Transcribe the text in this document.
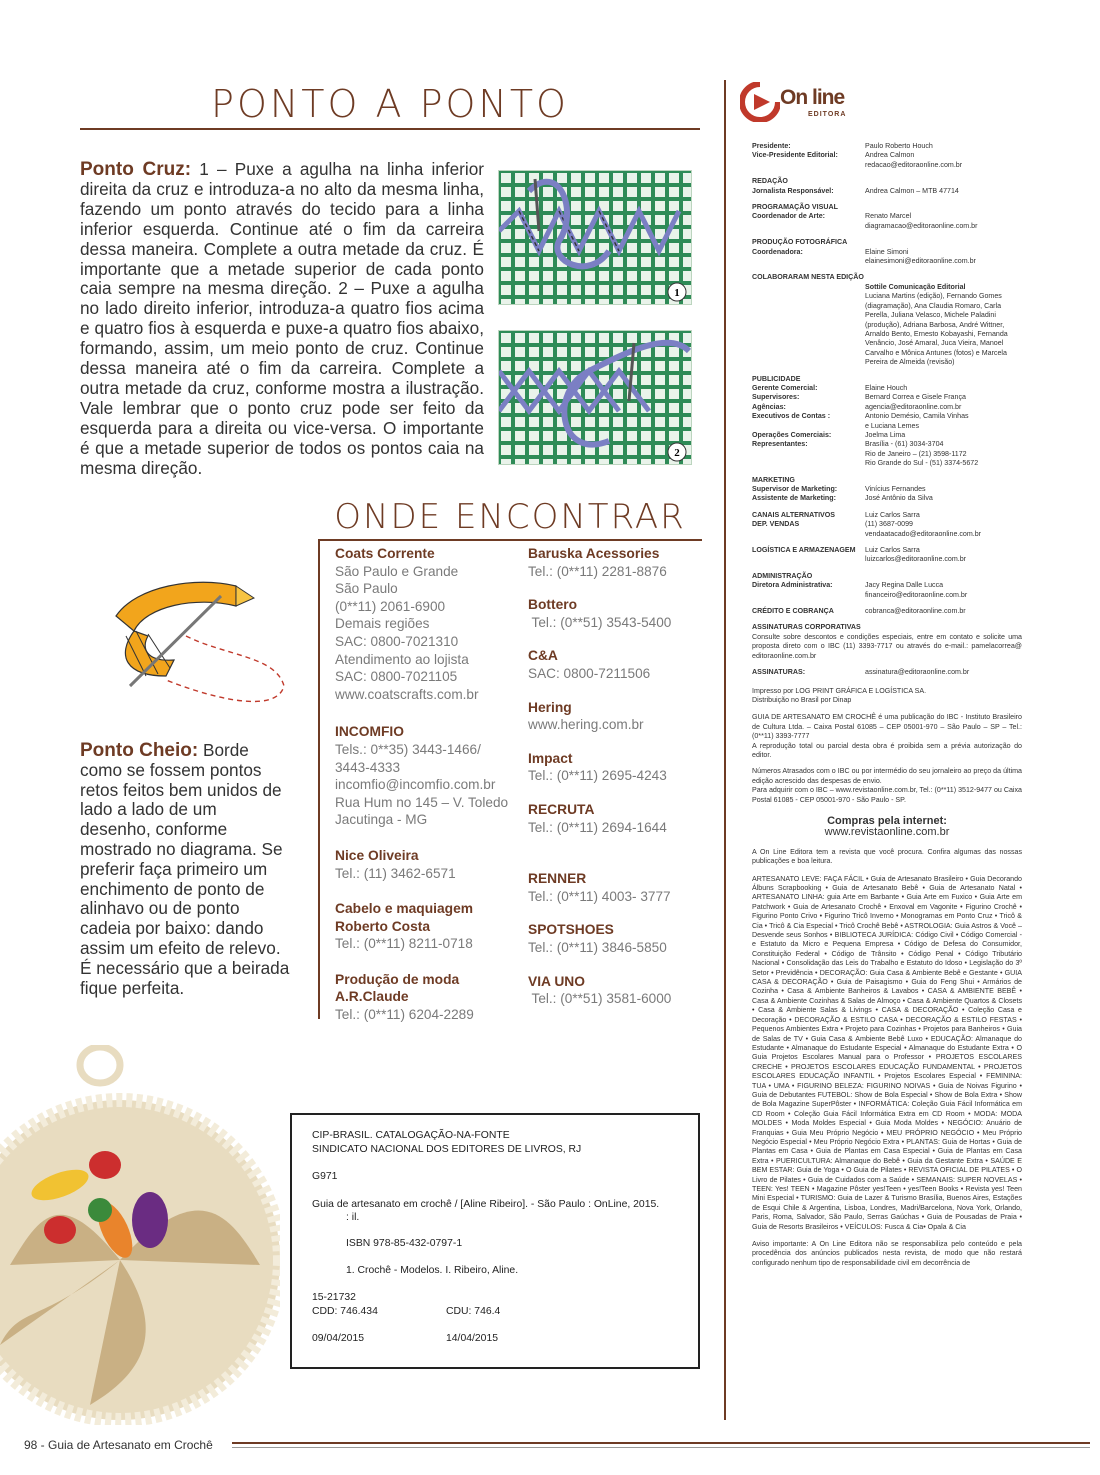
PONTO A PONTO
Ponto Cruz: 1 – Puxe a agulha na linha inferior direita da cruz e introduza-a no alto da mesma linha, fazendo um ponto através do tecido para a linha inferior esquerda. Continue até o fim da carreira dessa maneira. Complete a outra metade da cruz. É importante que a metade superior de cada ponto caia sempre na mesma direção. 2 – Puxe a agulha no lado direito inferior, introduza-a quatro fios acima e quatro fios à esquerda e puxe-a quatro fios abaixo, formando, assim, um meio ponto de cruz. Continue dessa maneira até o fim da carreira. Complete a outra metade da cruz, conforme mostra a ilustração. Vale lembrar que o ponto cruz pode ser feito da esquerda para a direita ou vice-versa. O importante é que a metade superior de todos os pontos caia na mesma direção.
1
2
ONDE ENCONTRAR
Coats Corrente
São Paulo e Grande
São Paulo
(0**11) 2061-6900
Demais regiões
SAC: 0800-7021310
Atendimento ao lojista
SAC: 0800-7021105
www.coatscrafts.com.br
INCOMFIO
Tels.: 0**35) 3443-1466/
3443-4333
incomfio@incomfio.com.br
Rua Hum no 145 – V. Toledo
Jacutinga - MG
Nice Oliveira
Tel.: (11) 3462-6571
Cabelo e maquiagem
Roberto Costa
Tel.: (0**11) 8211-0718
Produção de moda
A.R.Claude
Tel.: (0**11) 6204-2289
Baruska Acessories
Tel.: (0**11) 2281-8876
Bottero
Tel.: (0**51) 3543-5400
C&A
SAC: 0800-7211506
Hering
www.hering.com.br
Impact
Tel.: (0**11) 2695-4243
RECRUTA
Tel.: (0**11) 2694-1644
RENNER
Tel.: (0**11) 4003- 3777
SPOTSHOES
Tel.: (0**11) 3846-5850
VIA UNO
Tel.: (0**51) 3581-6000
Ponto Cheio: Borde como se fossem pontos retos feitos bem unidos de lado a lado de um desenho, conforme mostrado no diagrama. Se preferir faça primeiro um enchimento de ponto de alinhavo ou de ponto cadeia por baixo: dando assim um efeito de relevo. É necessário que a beirada fique perfeita.
CIP-BRASIL. CATALOGAÇÃO-NA-FONTE
SINDICATO NACIONAL DOS EDITORES DE LIVROS, RJ
G971
Guia de artesanato em crochê / [Aline Ribeiro]. - São Paulo : OnLine, 2015.
: il.
ISBN 978-85-432-0797-1
1. Crochê - Modelos. I. Ribeiro, Aline.
15-21732
CDD: 746.434	CDU: 746.4
09/04/2015	14/04/2015
On line
EDITORA
Presidente:	Paulo Roberto Houch
Vice-Presidente Editorial:	Andrea Calmon
redacao@editoraonline.com.br
REDAÇÃO
Jornalista Responsável:	Andrea Calmon – MTB 47714
PROGRAMAÇÃO VISUAL
Coordenador de Arte:	Renato Marcel
diagramacao@editoraonline.com.br
PRODUÇÃO FOTOGRÁFICA
Coordenadora:	Elaine Simoni
elainesimoni@editoraonline.com.br
COLABORARAM NESTA EDIÇÃO
Sottile Comunicação Editorial
Luciana Martins (edição), Fernando Gomes (diagramação), Ana Claudia Romaro, Carla Perella, Juliana Velasco, Michele Paladini (produção), Adriana Barbosa, André Wittner, Arnaldo Bento, Ernesto Kobayashi, Fernanda Venâncio, José Amaral, Juca Vieira, Manoel Carvalho e Mônica Antunes (fotos) e Marcela Pereira de Almeida (revisão)
PUBLICIDADE
Gerente Comercial:	Elaine Houch
Supervisores:	Bernard Correa e Gisele França
Agências:	agencia@editoraonline.com.br
Executivos de Contas :	Antonio Demésio, Camila Vinhas
e Luciana Lemes
Operações Comerciais:	Joelma Lima
Representantes:	Brasília - (61) 3034-3704
Rio de Janeiro – (21) 3598-1172
Rio Grande do Sul - (51) 3374-5672
MARKETING
Supervisor de Marketing:	Vinícius Fernandes
Assistente de Marketing:	José Antônio da Silva
CANAIS ALTERNATIVOS	Luiz Carlos Sarra
DEP. VENDAS	(11) 3687-0099
vendaatacado@editoraonline.com.br
LOGÍSTICA E ARMAZENAGEM	Luiz Carlos Sarra
luizcarlos@editoraonline.com.br
ADMINISTRAÇÃO
Diretora Administrativa:	Jacy Regina Dalle Lucca
financeiro@editoraonline.com.br
CRÉDITO E COBRANÇA	cobranca@editoraonline.com.br
ASSINATURAS CORPORATIVAS
Consulte sobre descontos e condições especiais, entre em contato e solicite uma proposta direto com o IBC (11) 3393-7717 ou através do e-mail.: pamelacorrea@ editoraonline.com.br
ASSINATURAS:	assinatura@editoraonline.com.br
Impresso por LOG PRINT GRÁFICA E LOGÍSTICA SA.
Distribuição no Brasil por Dinap
GUIA DE ARTESANATO EM CROCHÊ é uma publicação do IBC - Instituto Brasileiro de Cultura Ltda. – Caixa Postal 61085 – CEP 05001-970 – São Paulo – SP – Tel.: (0**11) 3393-7777
A reprodução total ou parcial desta obra é proibida sem a prévia autorização do editor.
Números Atrasados com o IBC ou por intermédio do seu jornaleiro ao preço da última edição acrescido das despesas de envio.
Para adquirir com o IBC – www.revistaonline.com.br, Tel.: (0**11) 3512-9477 ou Caixa Postal 61085 - CEP 05001-970 - São Paulo - SP.
Compras pela internet:
www.revistaonline.com.br
A On Line Editora tem a revista que você procura. Confira algumas das nossas publicações e boa leitura.
ARTESANATO LEVE: FAÇA FÁCIL • Guia de Artesanato Brasileiro • Guia Decorando Álbuns Scrapbooking • Guia de Artesanato Bebê • Guia de Artesanato Natal • ARTESANATO LINHA: guia Arte em Barbante • Guia Arte em Fuxico • Guia Arte em Patchwork • Guia de Artesanato Crochê • Enxoval em Vagonite • Figurino Crochê • Figurino Ponto Crivo • Figurino Tricô Inverno • Monogramas em Ponto Cruz • Tricô & Cia • Tricô & Cia Especial • Tricô Crochê Bebê • ASTROLOGIA: Guia Astros & Você – Desvende seus Sonhos • BIBLIOTECA JURÍDICA: Código Civil • Código Comercial - e Estatuto da Micro e Pequena Empresa • Código de Defesa do Consumidor, Constituição Federal • Código de Trânsito • Código Penal • Código Tributário Nacional • Consolidação das Leis do Trabalho e Estatuto do Idoso • Legislação do 3º Setor • Previdência • DECORAÇÃO: Guia Casa & Ambiente Bebê e Gestante • GUIA CASA & DECORAÇÃO • Guia de Paisagismo • Guia do Feng Shui • Armários de Cozinha • Casa & Ambiente Banheiros & Lavabos • CASA & AMBIENTE BEBÊ • Casa & Ambiente Cozinhas & Salas de Almoço • Casa & Ambiente Quartos & Closets • Casa & Ambiente Salas & Livings • CASA & DECORAÇÃO • Coleção Casa e Decoração • DECORAÇÃO & ESTILO CASA • DECORAÇÃO & ESTILO FESTAS • Pequenos Ambientes Extra • Projeto para Cozinhas • Projetos para Banheiros • Guia de Salas de TV • Guia Casa & Ambiente Bebê Luxo • EDUCAÇÃO: Almanaque do Estudante • Almanaque do Estudante Especial • Almanaque do Estudante Extra • O Guia Projetos Escolares Manual para o Professor • PROJETOS ESCOLARES CRECHE • PROJETOS ESCOLARES EDUCAÇÃO FUNDAMENTAL • PROJETOS ESCOLARES EDUCAÇÃO INFANTIL • Projetos Escolares Especial • FEMININA: TUA • UMA • FIGURINO BELEZA: FIGURINO NOIVAS • Guia de Noivas Figurino • Guia de Debutantes FUTEBOL: Show de Bola Especial • Show de Bola Extra • Show de Bola Magazine SuperPôster • INFORMÁTICA: Coleção Guia Fácil Informática em CD Room • Coleção Guia Fácil Informática Extra em CD Room • MODA: MODA MOLDES • Moda Moldes Especial • Guia Moda Moldes • NEGÓCIO: Anuário de Franquias • Guia Meu Próprio Negócio • MEU PRÓPRIO NEGÓCIO • Meu Próprio Negócio Especial • Meu Próprio Negócio Extra • PLANTAS: Guia de Hortas • Guia de Plantas em Casa • Guia de Plantas em Casa Especial • Guia de Plantas em Casa Extra • PUERICULTURA: Almanaque do Bebê • Guia da Gestante Extra • SAÚDE E BEM ESTAR: Guia de Yoga • O Guia de Pilates • REVISTA OFICIAL DE PILATES • O Livro de Pilates • Guia de Cuidados com a Saúde • SEMANAIS: SUPER NOVELAS • TEEN: Yes! TEEN • Magazine Pôster yes!Teen • yes!Teen Books • Revista yes! Teen Mini Especial • TURISMO: Guia de Lazer & Turismo Brasília, Buenos Aires, Estações de Esqui Chile & Argentina, Lisboa, Londres, Madri/Barcelona, Nova York, Orlando, Paris, Roma, Salvador, São Paulo, Serras Gaúchas • Guia de Pousadas de Praia • Guia de Resorts Brasileiros • VEÍCULOS: Fusca & Cia• Opala & Cia
Aviso importante: A On Line Editora não se responsabiliza pelo conteúdo e pela procedência dos anúncios publicados nesta revista, de modo que não restará configurado nenhum tipo de responsabilidade civil em decorrência de
98 - Guia de Artesanato em Crochê
